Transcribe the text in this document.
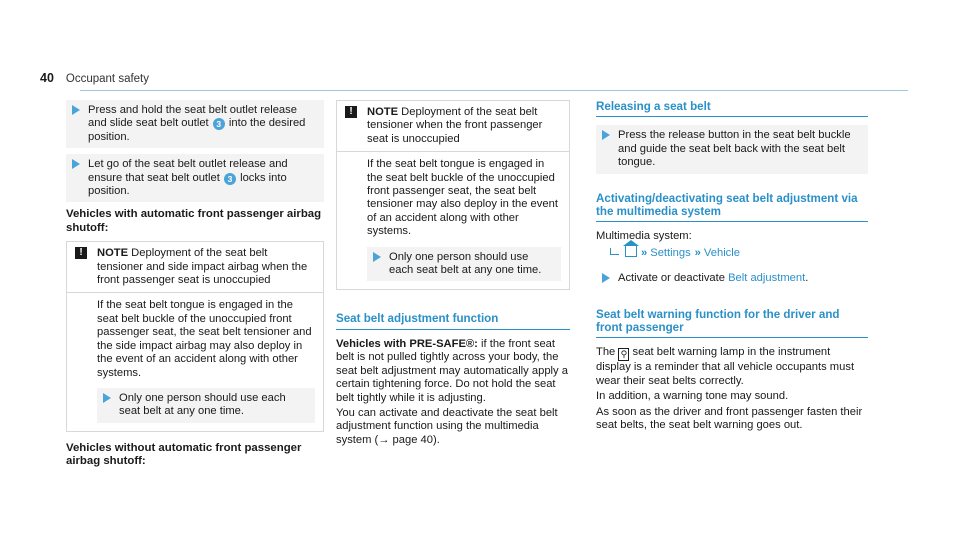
40 Occupant safety
Press and hold the seat belt outlet release and slide seat belt outlet 3 into the desired position.
Let go of the seat belt outlet release and ensure that seat belt outlet 3 locks into position.
Vehicles with automatic front passenger airbag shutoff:
!	NOTE Deployment of the seat belt tensioner and side impact airbag when the front passenger seat is unoccupied

If the seat belt tongue is engaged in the seat belt buckle of the unoccupied front passenger seat, the seat belt tensioner and the side impact airbag may also deploy in the event of an accident along with other systems.

Only one person should use each seat belt at any one time.
Vehicles without automatic front passenger airbag shutoff:
!	NOTE Deployment of the seat belt tensioner when the front passenger seat is unoccupied

If the seat belt tongue is engaged in the seat belt buckle of the unoccupied front passenger seat, the seat belt tensioner may also deploy in the event of an accident along with other systems.

Only one person should use each seat belt at any one time.
Seat belt adjustment function

Vehicles with PRE-SAFE®: if the front seat belt is not pulled tightly across your body, the seat belt adjustment may automatically apply a certain tightening force. Do not hold the seat belt tightly while it is adjusting.

You can activate and deactivate the seat belt adjustment function using the multimedia system (→ page 40).

Releasing a seat belt
Press the release button in the seat belt buckle and guide the seat belt back with the seat belt tongue.
Activating/deactivating seat belt adjustment via the multimedia system

Multimedia system:

» Settings » Vehicle
Activate or deactivate Belt adjustment.
Seat belt warning function for the driver and front passenger

The ⚲ seat belt warning lamp in the instrument display is a reminder that all vehicle occupants must wear their seat belts correctly.

In addition, a warning tone may sound.

As soon as the driver and front passenger fasten their seat belts, the seat belt warning goes out.
